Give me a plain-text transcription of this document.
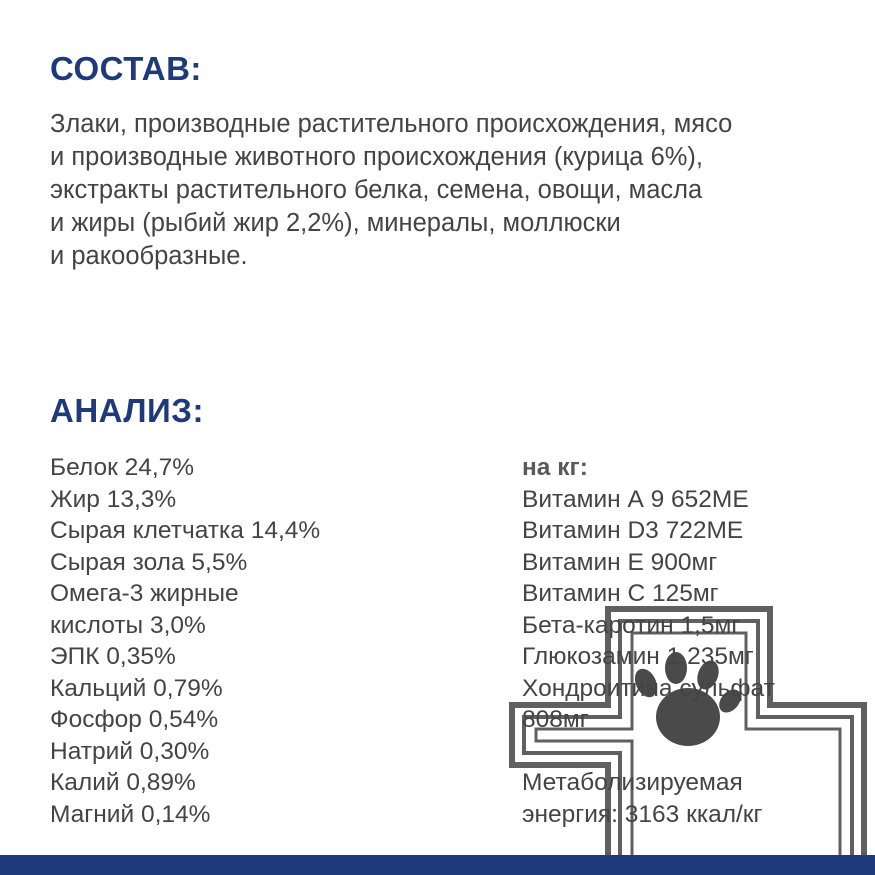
СОСТАВ:

Злаки, производные растительного происхождения, мясо
и производные животного происхождения (курица 6%),
экстракты растительного белка, семена, овощи, масла
и жиры (рыбий жир 2,2%), минералы, моллюски
и ракообразные.

АНАЛИЗ:
Белок 24,7%
Жир 13,3%
Сырая клетчатка 14,4%
Сырая зола 5,5%
Омега-3 жирные
кислоты 3,0%
ЭПК 0,35%
Кальций 0,79%
Фосфор 0,54%
Натрий 0,30%
Калий 0,89%
Магний 0,14%
на кг:
Витамин А 9 652МЕ
Витамин D3 722МЕ
Витамин Е 900мг
Витамин С 125мг
Бета-каротин 1,5мг
Глюкозамин 1 235мг
Хондроитина сульфат
808мг
Метаболизируемая
энергия: 3163 ккал/кг
